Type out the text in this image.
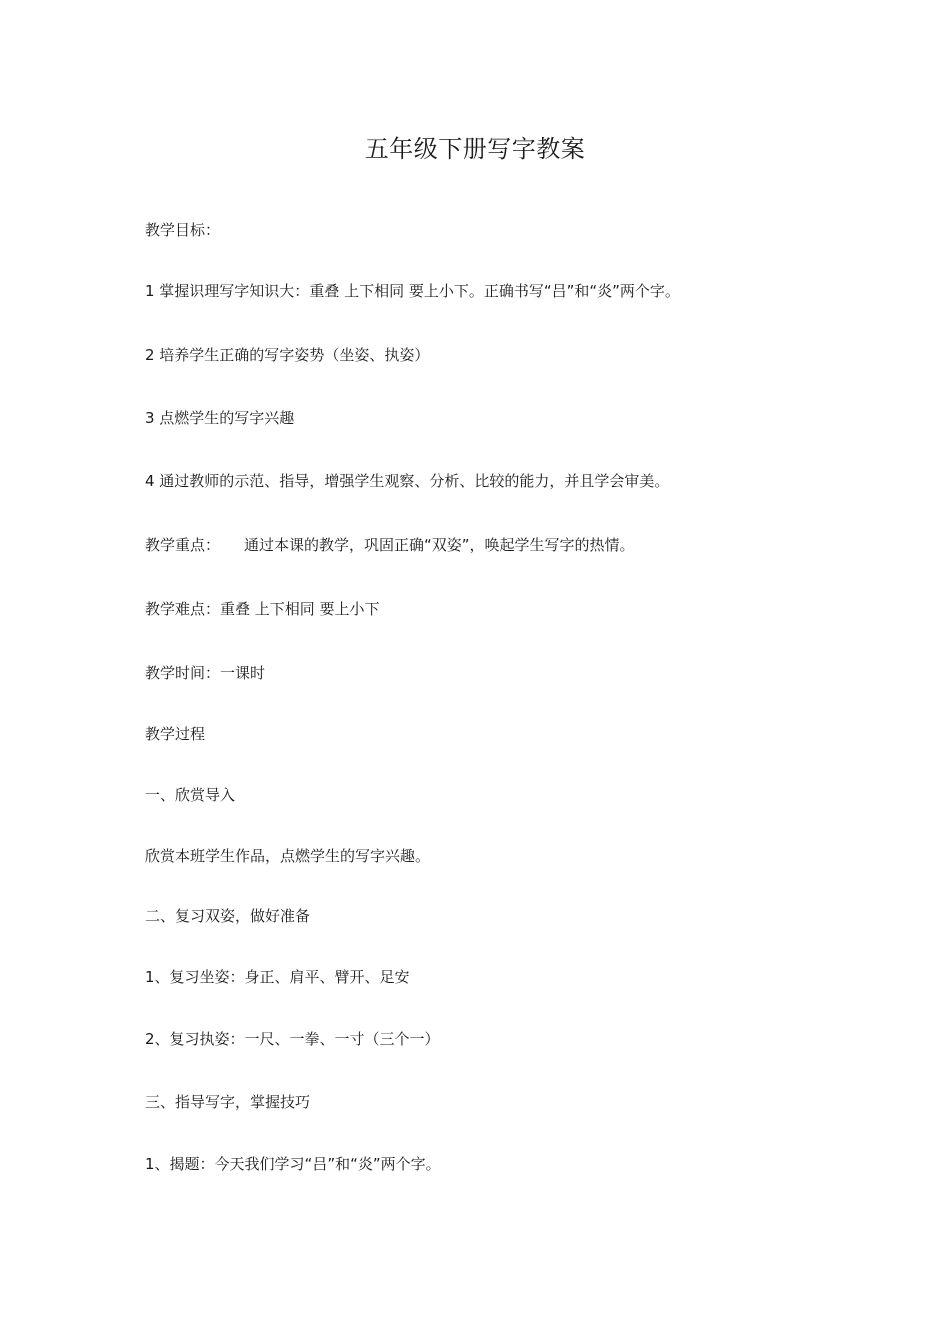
五年级下册写字教案
教学目标：
1 掌握识理写字知识大：重叠 上下相同 要上小下。正确书写“吕”和“炎”两个字。
2 培养学生正确的写字姿势（坐姿、执姿）
3 点燃学生的写字兴趣
4 通过教师的示范、指导，增强学生观察、分析、比较的能力，并且学会审美。
教学重点： 通过本课的教学，巩固正确“双姿”，唤起学生写字的热情。
教学难点：重叠 上下相同 要上小下
教学时间：一课时
教学过程
一、欣赏导入
欣赏本班学生作品，点燃学生的写字兴趣。
二、复习双姿，做好准备
1、复习坐姿：身正、肩平、臂开、足安
2、复习执姿：一尺、一拳、一寸（三个一）
三、指导写字，掌握技巧
1、揭题：今天我们学习“吕”和“炎”两个字。
